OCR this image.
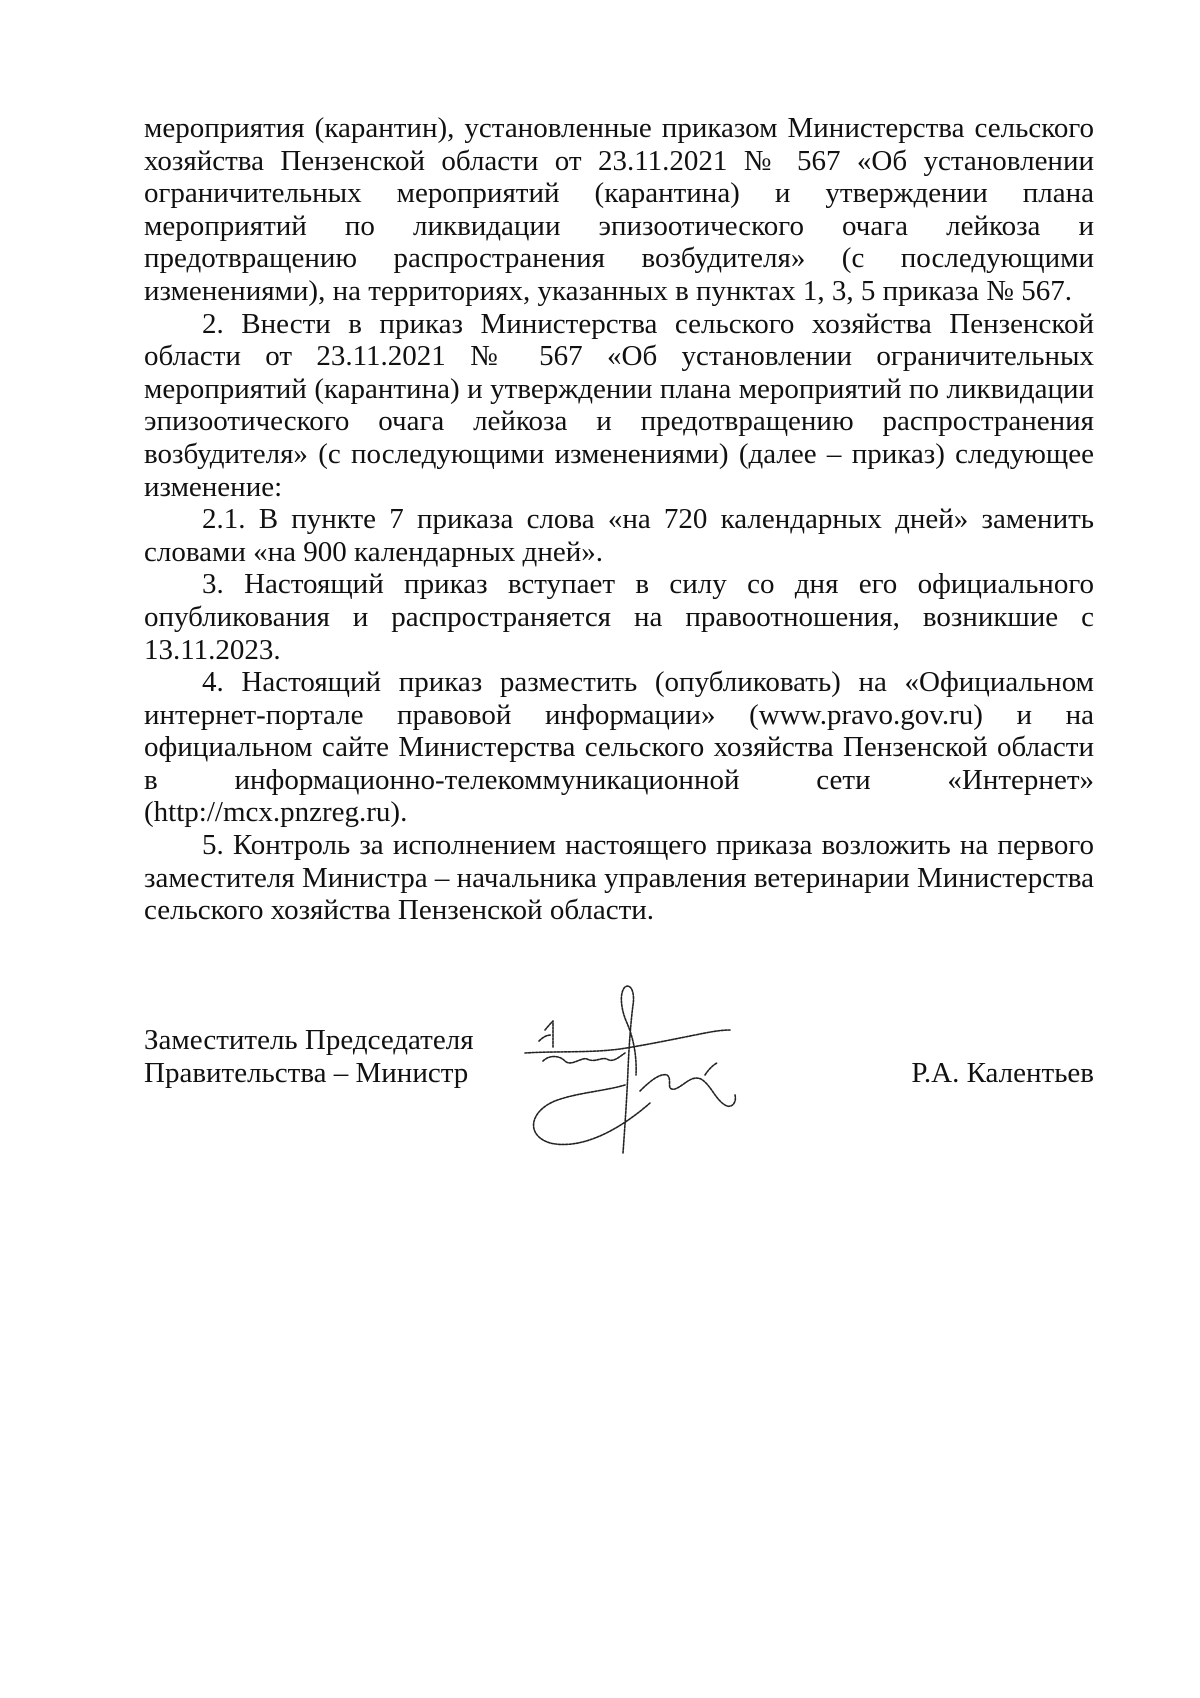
мероприятия (карантин), установленные приказом Министерства сельского хозяйства Пензенской области от 23.11.2021 № 567 «Об установлении ограничительных мероприятий (карантина) и утверждении плана мероприятий по ликвидации эпизоотического очага лейкоза и предотвращению распространения возбудителя» (с последующими изменениями), на территориях, указанных в пунктах 1, 3, 5 приказа № 567.

2. Внести в приказ Министерства сельского хозяйства Пензенской области от 23.11.2021 № 567 «Об установлении ограничительных мероприятий (карантина) и утверждении плана мероприятий по ликвидации эпизоотического очага лейкоза и предотвращению распространения возбудителя» (с последующими изменениями) (далее – приказ) следующее изменение:

2.1. В пункте 7 приказа слова «на 720 календарных дней» заменить словами «на 900 календарных дней».

3. Настоящий приказ вступает в силу со дня его официального опубликования и распространяется на правоотношения, возникшие с 13.11.2023.

4. Настоящий приказ разместить (опубликовать) на «Официальном интернет-портале правовой информации» (www.pravo.gov.ru) и на официальном сайте Министерства сельского хозяйства Пензенской области в информационно-телекоммуникационной сети «Интернет» (http://mcx.pnzreg.ru).

5. Контроль за исполнением настоящего приказа возложить на первого заместителя Министра – начальника управления ветеринарии Министерства сельского хозяйства Пензенской области.

Заместитель Председателя
Правительства – Министр	Р.А. Калентьев
